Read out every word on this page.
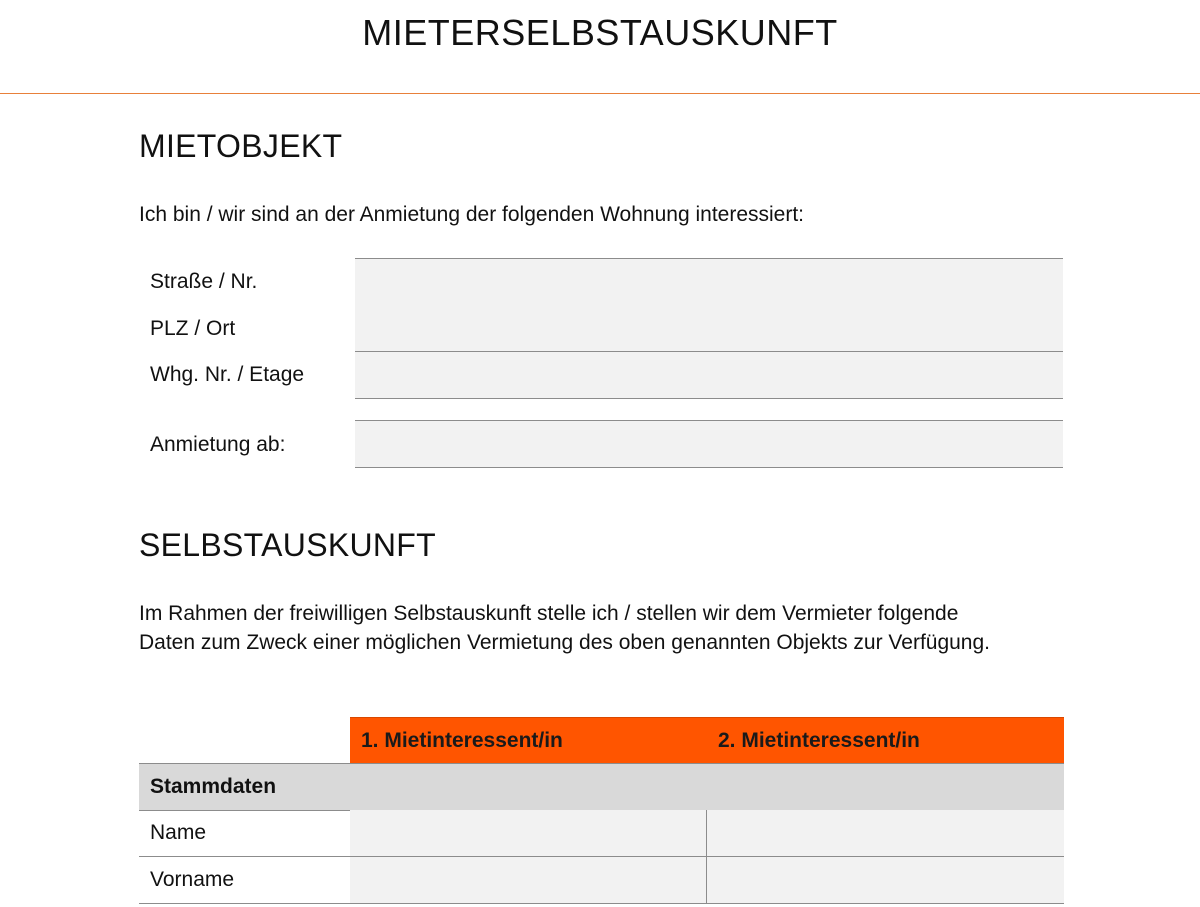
MIETERSELBSTAUSKUNFT
MIETOBJEKT
Ich bin / wir sind an der Anmietung der folgenden Wohnung interessiert:
Straße / Nr.
PLZ / Ort
Whg. Nr. / Etage
Anmietung ab:
SELBSTAUSKUNFT
Im Rahmen der freiwilligen Selbstauskunft stelle ich / stellen wir dem Vermieter folgende
Daten zum Zweck einer möglichen Vermietung des oben genannten Objekts zur Verfügung.
1. Mietinteressent/in	2. Mietinteressent/in
Stammdaten
Name
Vorname
